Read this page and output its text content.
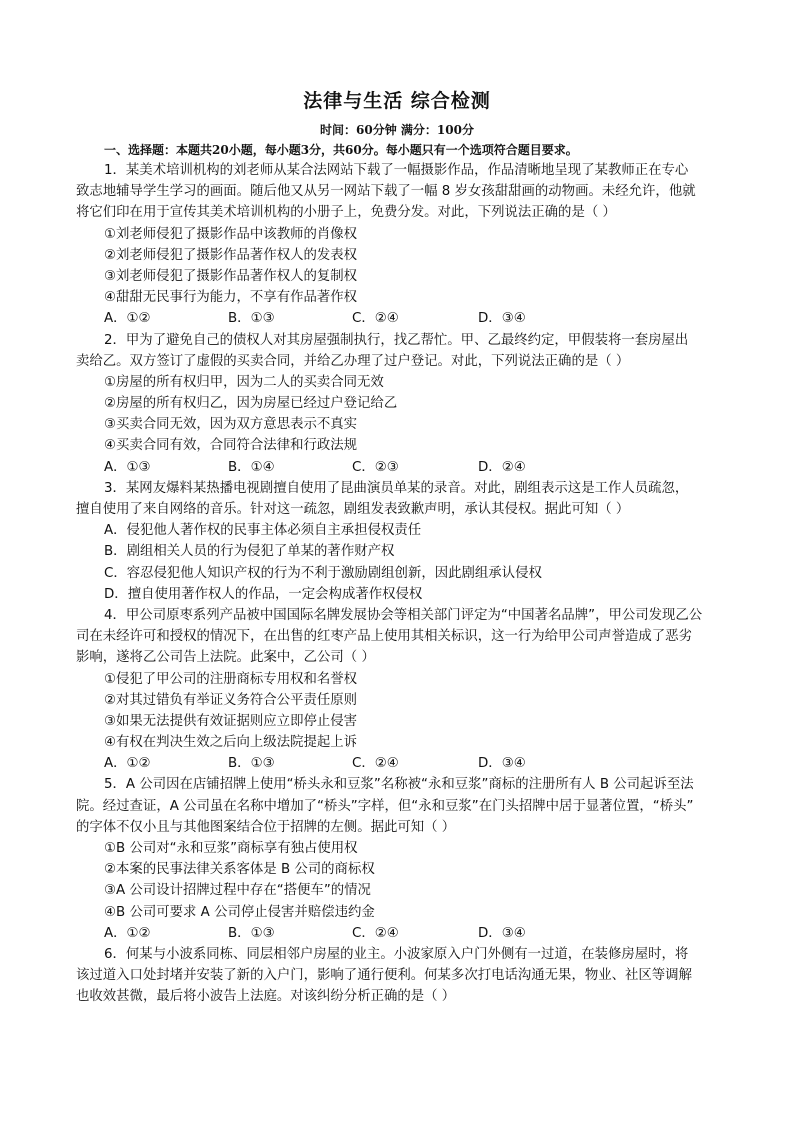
法律与生活 综合检测
时间：60分钟 满分：100分
一、选择题：本题共20小题，每小题3分，共60分。每小题只有一个选项符合题目要求。
1．某美术培训机构的刘老师从某合法网站下载了一幅摄影作品，作品清晰地呈现了某教师正在专心
致志地辅导学生学习的画面。随后他又从另一网站下载了一幅 8 岁女孩甜甜画的动物画。未经允许，他就
将它们印在用于宣传其美术培训机构的小册子上，免费分发。对此，下列说法正确的是（ ）
①刘老师侵犯了摄影作品中该教师的肖像权
②刘老师侵犯了摄影作品著作权人的发表权
③刘老师侵犯了摄影作品著作权人的复制权
④甜甜无民事行为能力，不享有作品著作权
A．①②	B．①③	C．②④	D．③④
2．甲为了避免自己的债权人对其房屋强制执行，找乙帮忙。甲、乙最终约定，甲假装将一套房屋出
卖给乙。双方签订了虚假的买卖合同，并给乙办理了过户登记。对此，下列说法正确的是（ ）
①房屋的所有权归甲，因为二人的买卖合同无效
②房屋的所有权归乙，因为房屋已经过户登记给乙
③买卖合同无效，因为双方意思表示不真实
④买卖合同有效，合同符合法律和行政法规
A．①③	B．①④	C．②③	D．②④
3．某网友爆料某热播电视剧擅自使用了昆曲演员单某的录音。对此，剧组表示这是工作人员疏忽，
擅自使用了来自网络的音乐。针对这一疏忽，剧组发表致歉声明，承认其侵权。据此可知（ ）
A．侵犯他人著作权的民事主体必须自主承担侵权责任
B．剧组相关人员的行为侵犯了单某的著作财产权
C．容忍侵犯他人知识产权的行为不利于激励剧组创新，因此剧组承认侵权
D．擅自使用著作权人的作品，一定会构成著作权侵权
4．甲公司原枣系列产品被中国国际名牌发展协会等相关部门评定为“中国著名品牌”，甲公司发现乙公
司在未经许可和授权的情况下，在出售的红枣产品上使用其相关标识，这一行为给甲公司声誉造成了恶劣
影响，遂将乙公司告上法院。此案中，乙公司（ ）
①侵犯了甲公司的注册商标专用权和名誉权
②对其过错负有举证义务符合公平责任原则
③如果无法提供有效证据则应立即停止侵害
④有权在判决生效之后向上级法院提起上诉
A．①②	B．①③	C．②④	D．③④
5．A 公司因在店铺招牌上使用“桥头永和豆浆”名称被“永和豆浆”商标的注册所有人 B 公司起诉至法
院。经过查证，A 公司虽在名称中增加了“桥头”字样，但“永和豆浆”在门头招牌中居于显著位置，“桥头”
的字体不仅小且与其他图案结合位于招牌的左侧。据此可知（ ）
①B 公司对“永和豆浆”商标享有独占使用权
②本案的民事法律关系客体是 B 公司的商标权
③A 公司设计招牌过程中存在“搭便车”的情况
④B 公司可要求 A 公司停止侵害并赔偿违约金
A．①②	B．①③	C．②④	D．③④
6．何某与小波系同栋、同层相邻户房屋的业主。小波家原入户门外侧有一过道，在装修房屋时，将
该过道入口处封堵并安装了新的入户门，影响了通行便利。何某多次打电话沟通无果，物业、社区等调解
也收效甚微，最后将小波告上法庭。对该纠纷分析正确的是（ ）
